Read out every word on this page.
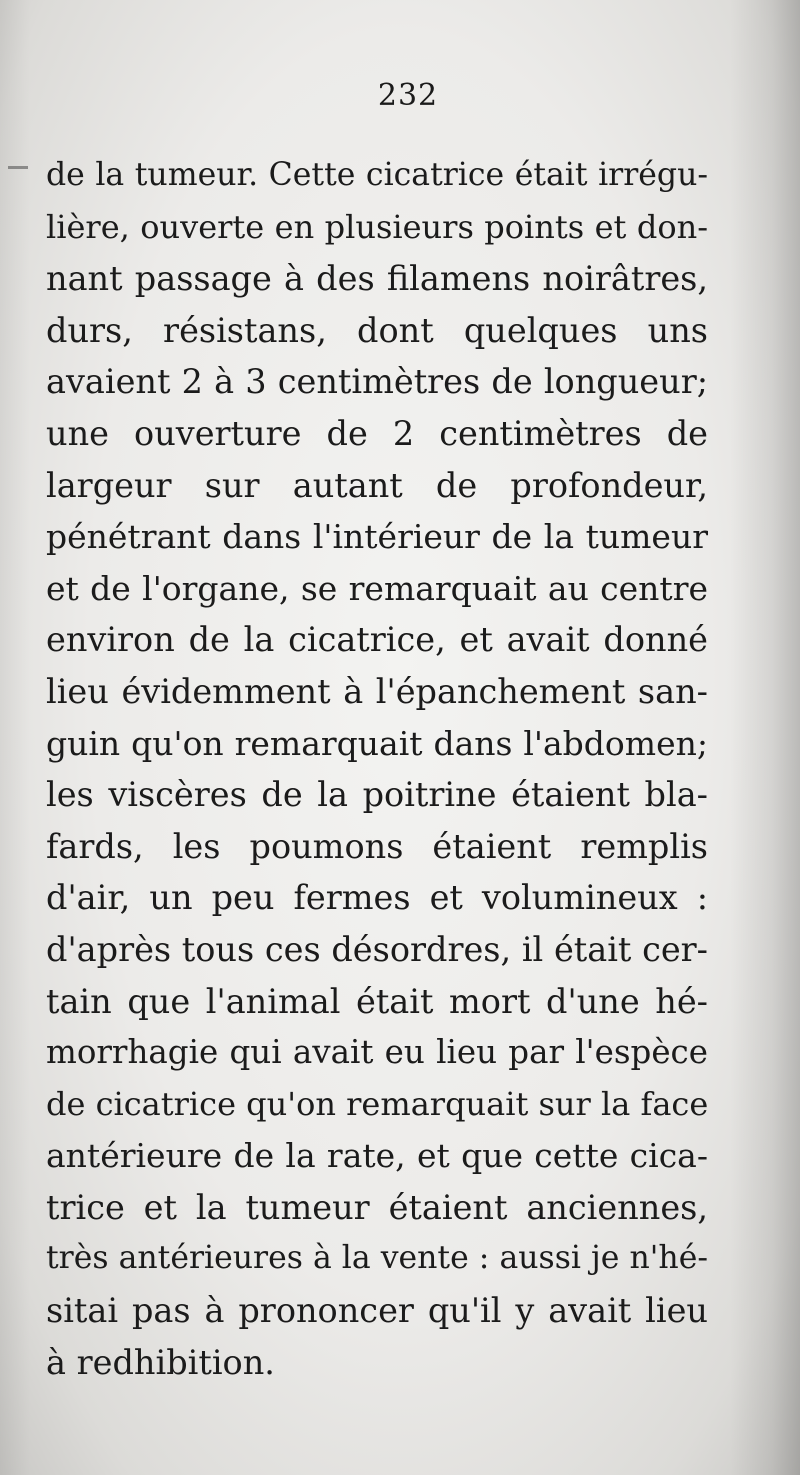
232
de la tumeur. Cette cicatrice était irrégu-
lière, ouverte en plusieurs points et don-
nant passage à des filamens noirâtres,
durs, résistans, dont quelques uns
avaient 2 à 3 centimètres de longueur;
une ouverture de 2 centimètres de
largeur sur autant de profondeur,
pénétrant dans l'intérieur de la tumeur
et de l'organe, se remarquait au centre
environ de la cicatrice, et avait donné
lieu évidemment à l'épanchement san-
guin qu'on remarquait dans l'abdomen;
les viscères de la poitrine étaient bla-
fards, les poumons étaient remplis
d'air, un peu fermes et volumineux :
d'après tous ces désordres, il était cer-
tain que l'animal était mort d'une hé-
morrhagie qui avait eu lieu par l'espèce
de cicatrice qu'on remarquait sur la face
antérieure de la rate, et que cette cica-
trice et la tumeur étaient anciennes,
très antérieures à la vente : aussi je n'hé-
sitai pas à prononcer qu'il y avait lieu
à redhibition.
